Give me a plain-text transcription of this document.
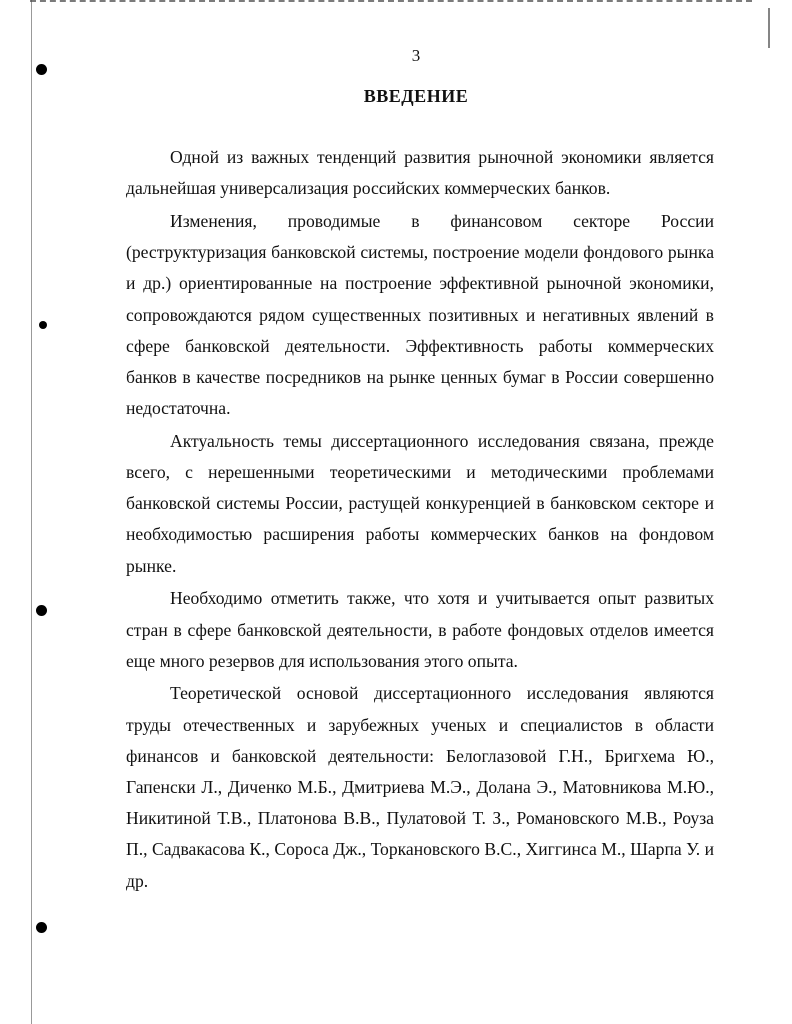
3
ВВЕДЕНИЕ

Одной из важных тенденций развития рыночной экономики является дальнейшая универсализация российских коммерческих банков.

Изменения, проводимые в финансовом секторе России (реструктуризация банковской системы, построение модели фондового рынка и др.) ориентированные на построение эффективной рыночной экономики, сопровождаются рядом существенных позитивных и негативных явлений в сфере банковской деятельности. Эффективность работы коммерческих банков в качестве посредников на рынке ценных бумаг в России совершенно недостаточна.

Актуальность темы диссертационного исследования связана, прежде всего, с нерешенными теоретическими и методическими проблемами банковской системы России, растущей конкуренцией в банковском секторе и необходимостью расширения работы коммерческих банков на фондовом рынке.

Необходимо отметить также, что хотя и учитывается опыт развитых стран в сфере банковской деятельности, в работе фондовых отделов имеется еще много резервов для использования этого опыта.

Теоретической основой диссертационного исследования являются труды отечественных и зарубежных ученых и специалистов в области финансов и банковской деятельности: Белоглазовой Г.Н., Бригхема Ю., Гапенски Л., Диченко М.Б., Дмитриева М.Э., Долана Э., Матовникова М.Ю., Никитиной Т.В., Платонова В.В., Пулатовой Т. З., Романовского М.В., Роуза П., Садвакасова К., Сороса Дж., Торкановского В.С., Хиггинса М., Шарпа У. и др.
